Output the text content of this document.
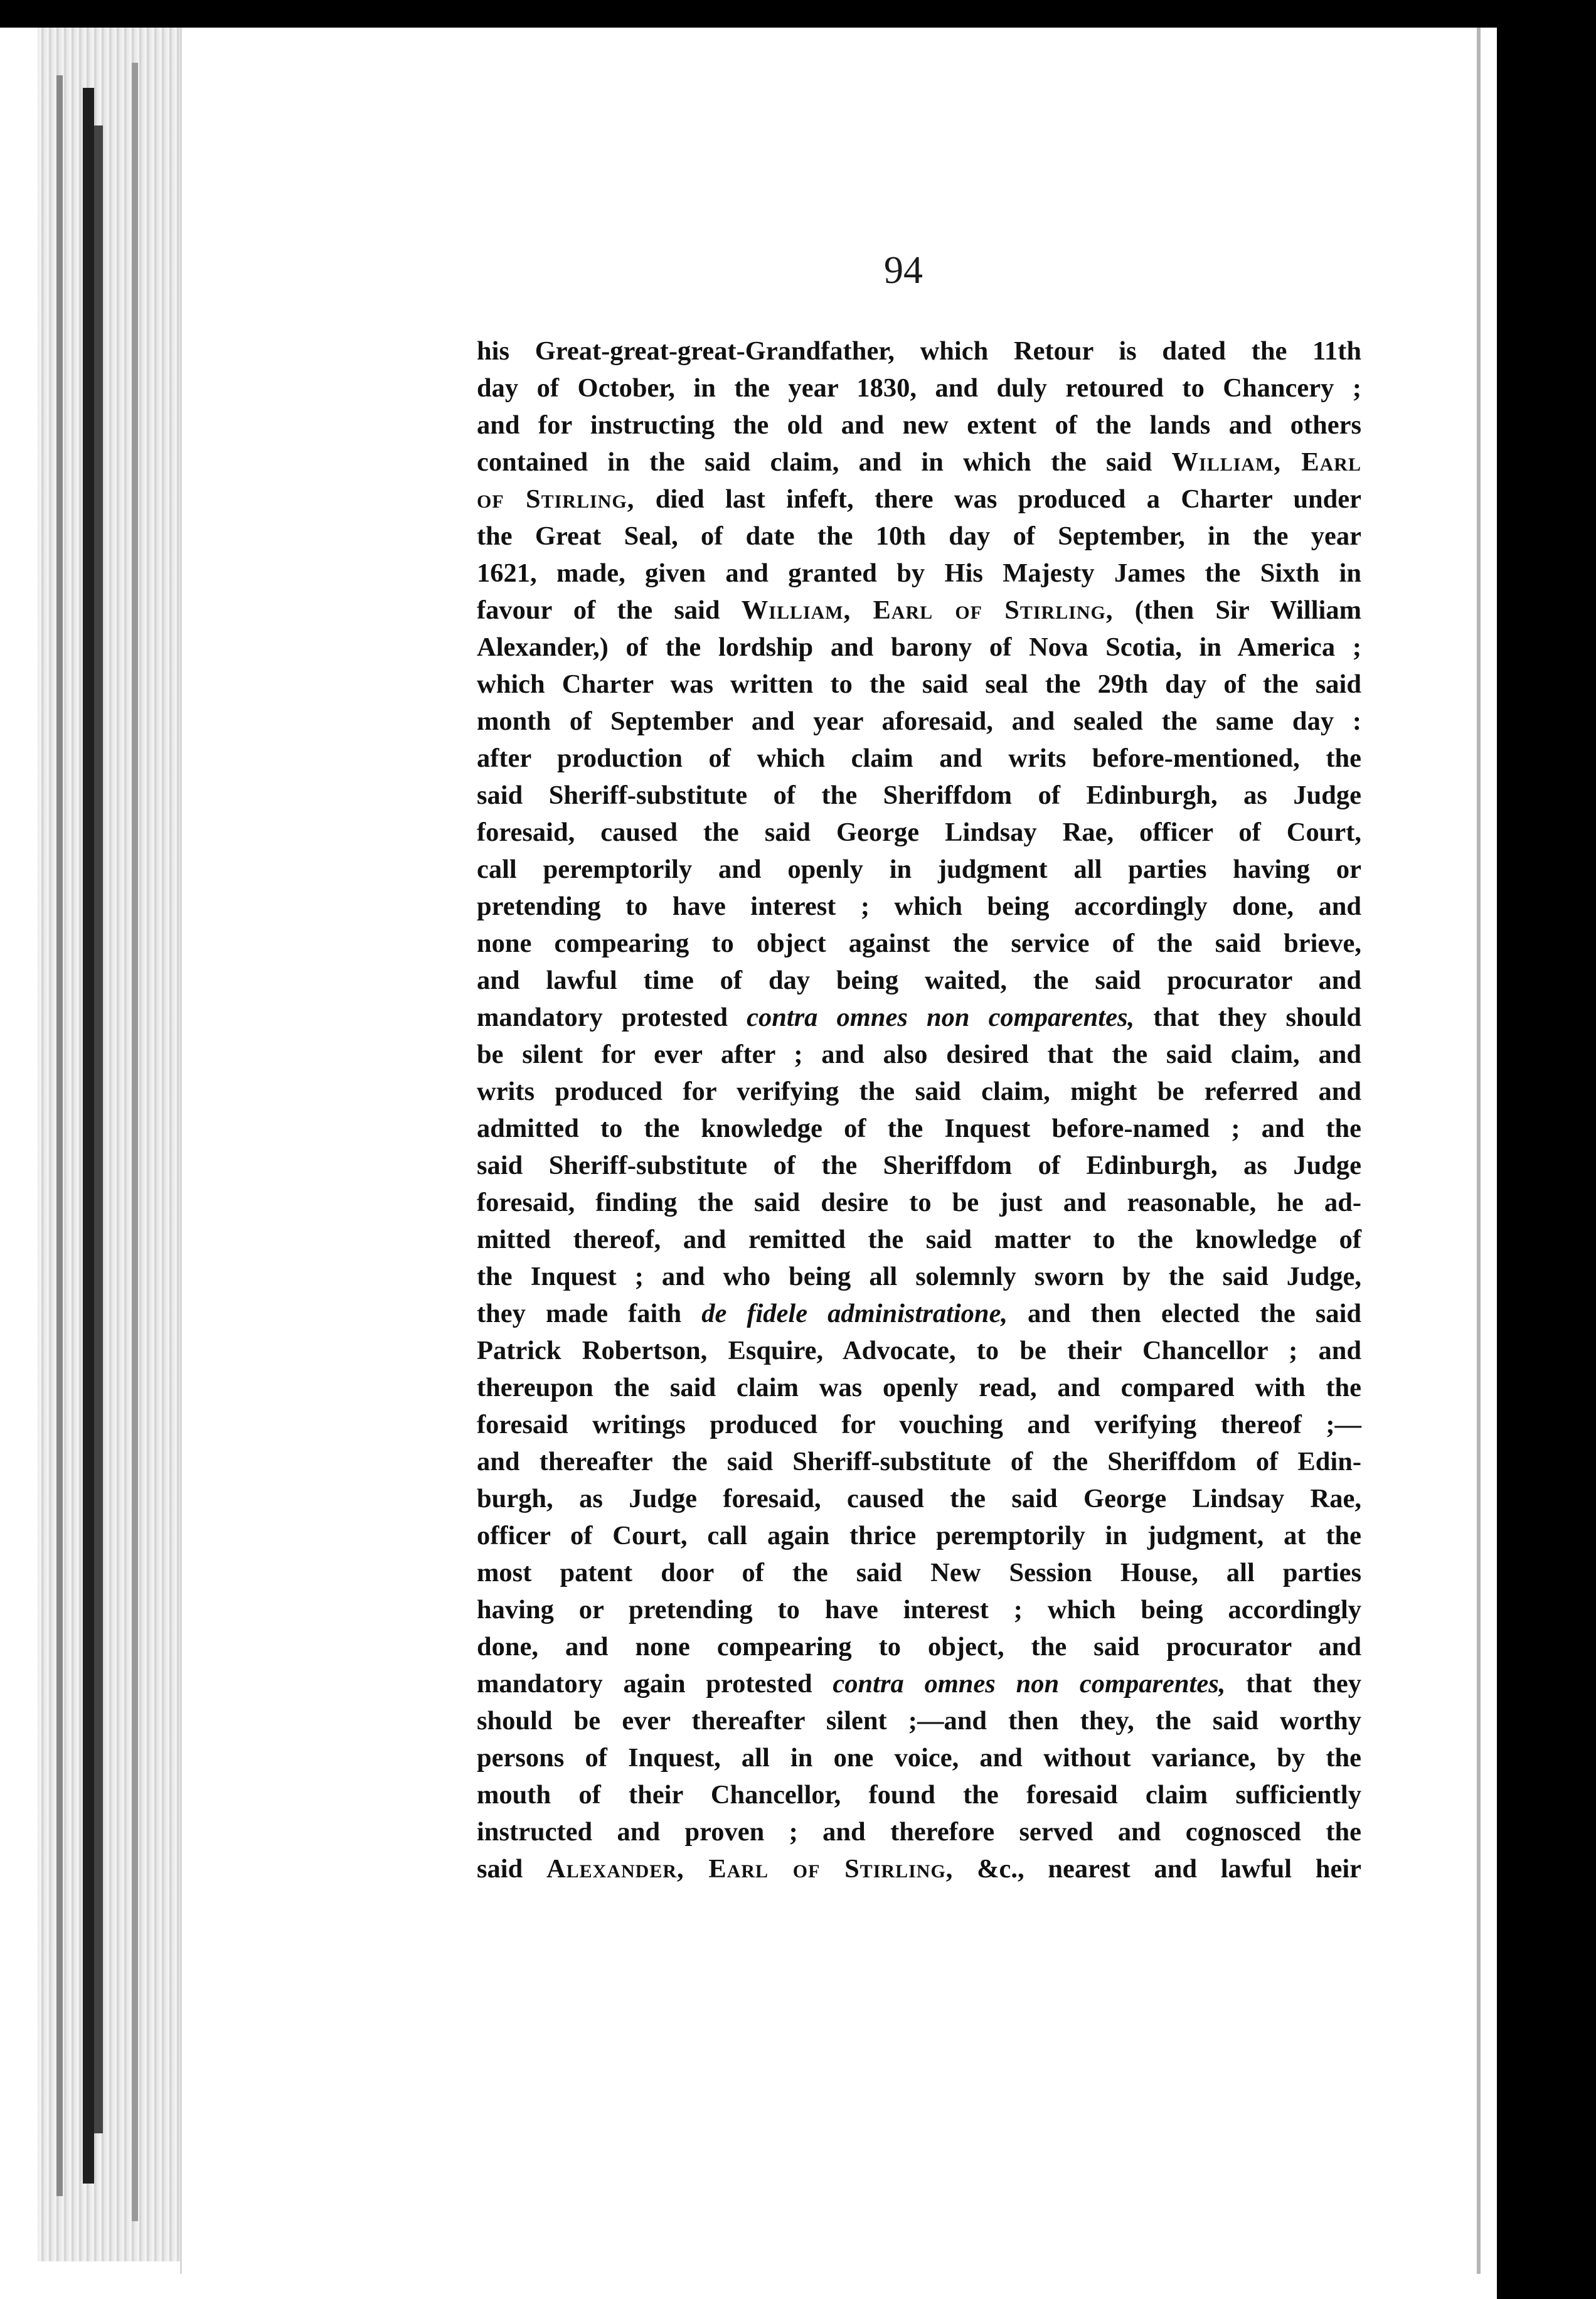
94
his Great-great-great-Grandfather, which Retour is dated the 11th
day of October, in the year 1830, and duly retoured to Chancery ;
and for instructing the old and new extent of the lands and others
contained in the said claim, and in which the said William, Earl
of Stirling, died last infeft, there was produced a Charter under
the Great Seal, of date the 10th day of September, in the year
1621, made, given and granted by His Majesty James the Sixth in
favour of the said William, Earl of Stirling, (then Sir William
Alexander,) of the lordship and barony of Nova Scotia, in America ;
which Charter was written to the said seal the 29th day of the said
month of September and year aforesaid, and sealed the same day :
after production of which claim and writs before-mentioned, the
said Sheriff-substitute of the Sheriffdom of Edinburgh, as Judge
foresaid, caused the said George Lindsay Rae, officer of Court,
call peremptorily and openly in judgment all parties having or
pretending to have interest ; which being accordingly done, and
none compearing to object against the service of the said brieve,
and lawful time of day being waited, the said procurator and
mandatory protested contra omnes non comparentes, that they should
be silent for ever after ; and also desired that the said claim, and
writs produced for verifying the said claim, might be referred and
admitted to the knowledge of the Inquest before-named ; and the
said Sheriff-substitute of the Sheriffdom of Edinburgh, as Judge
foresaid, finding the said desire to be just and reasonable, he ad-
mitted thereof, and remitted the said matter to the knowledge of
the Inquest ; and who being all solemnly sworn by the said Judge,
they made faith de fidele administratione, and then elected the said
Patrick Robertson, Esquire, Advocate, to be their Chancellor ; and
thereupon the said claim was openly read, and compared with the
foresaid writings produced for vouching and verifying thereof ;—
and thereafter the said Sheriff-substitute of the Sheriffdom of Edin-
burgh, as Judge foresaid, caused the said George Lindsay Rae,
officer of Court, call again thrice peremptorily in judgment, at the
most patent door of the said New Session House, all parties
having or pretending to have interest ; which being accordingly
done, and none compearing to object, the said procurator and
mandatory again protested contra omnes non comparentes, that they
should be ever thereafter silent ;—and then they, the said worthy
persons of Inquest, all in one voice, and without variance, by the
mouth of their Chancellor, found the foresaid claim sufficiently
instructed and proven ; and therefore served and cognosced the
said Alexander, Earl of Stirling, &c., nearest and lawful heir
